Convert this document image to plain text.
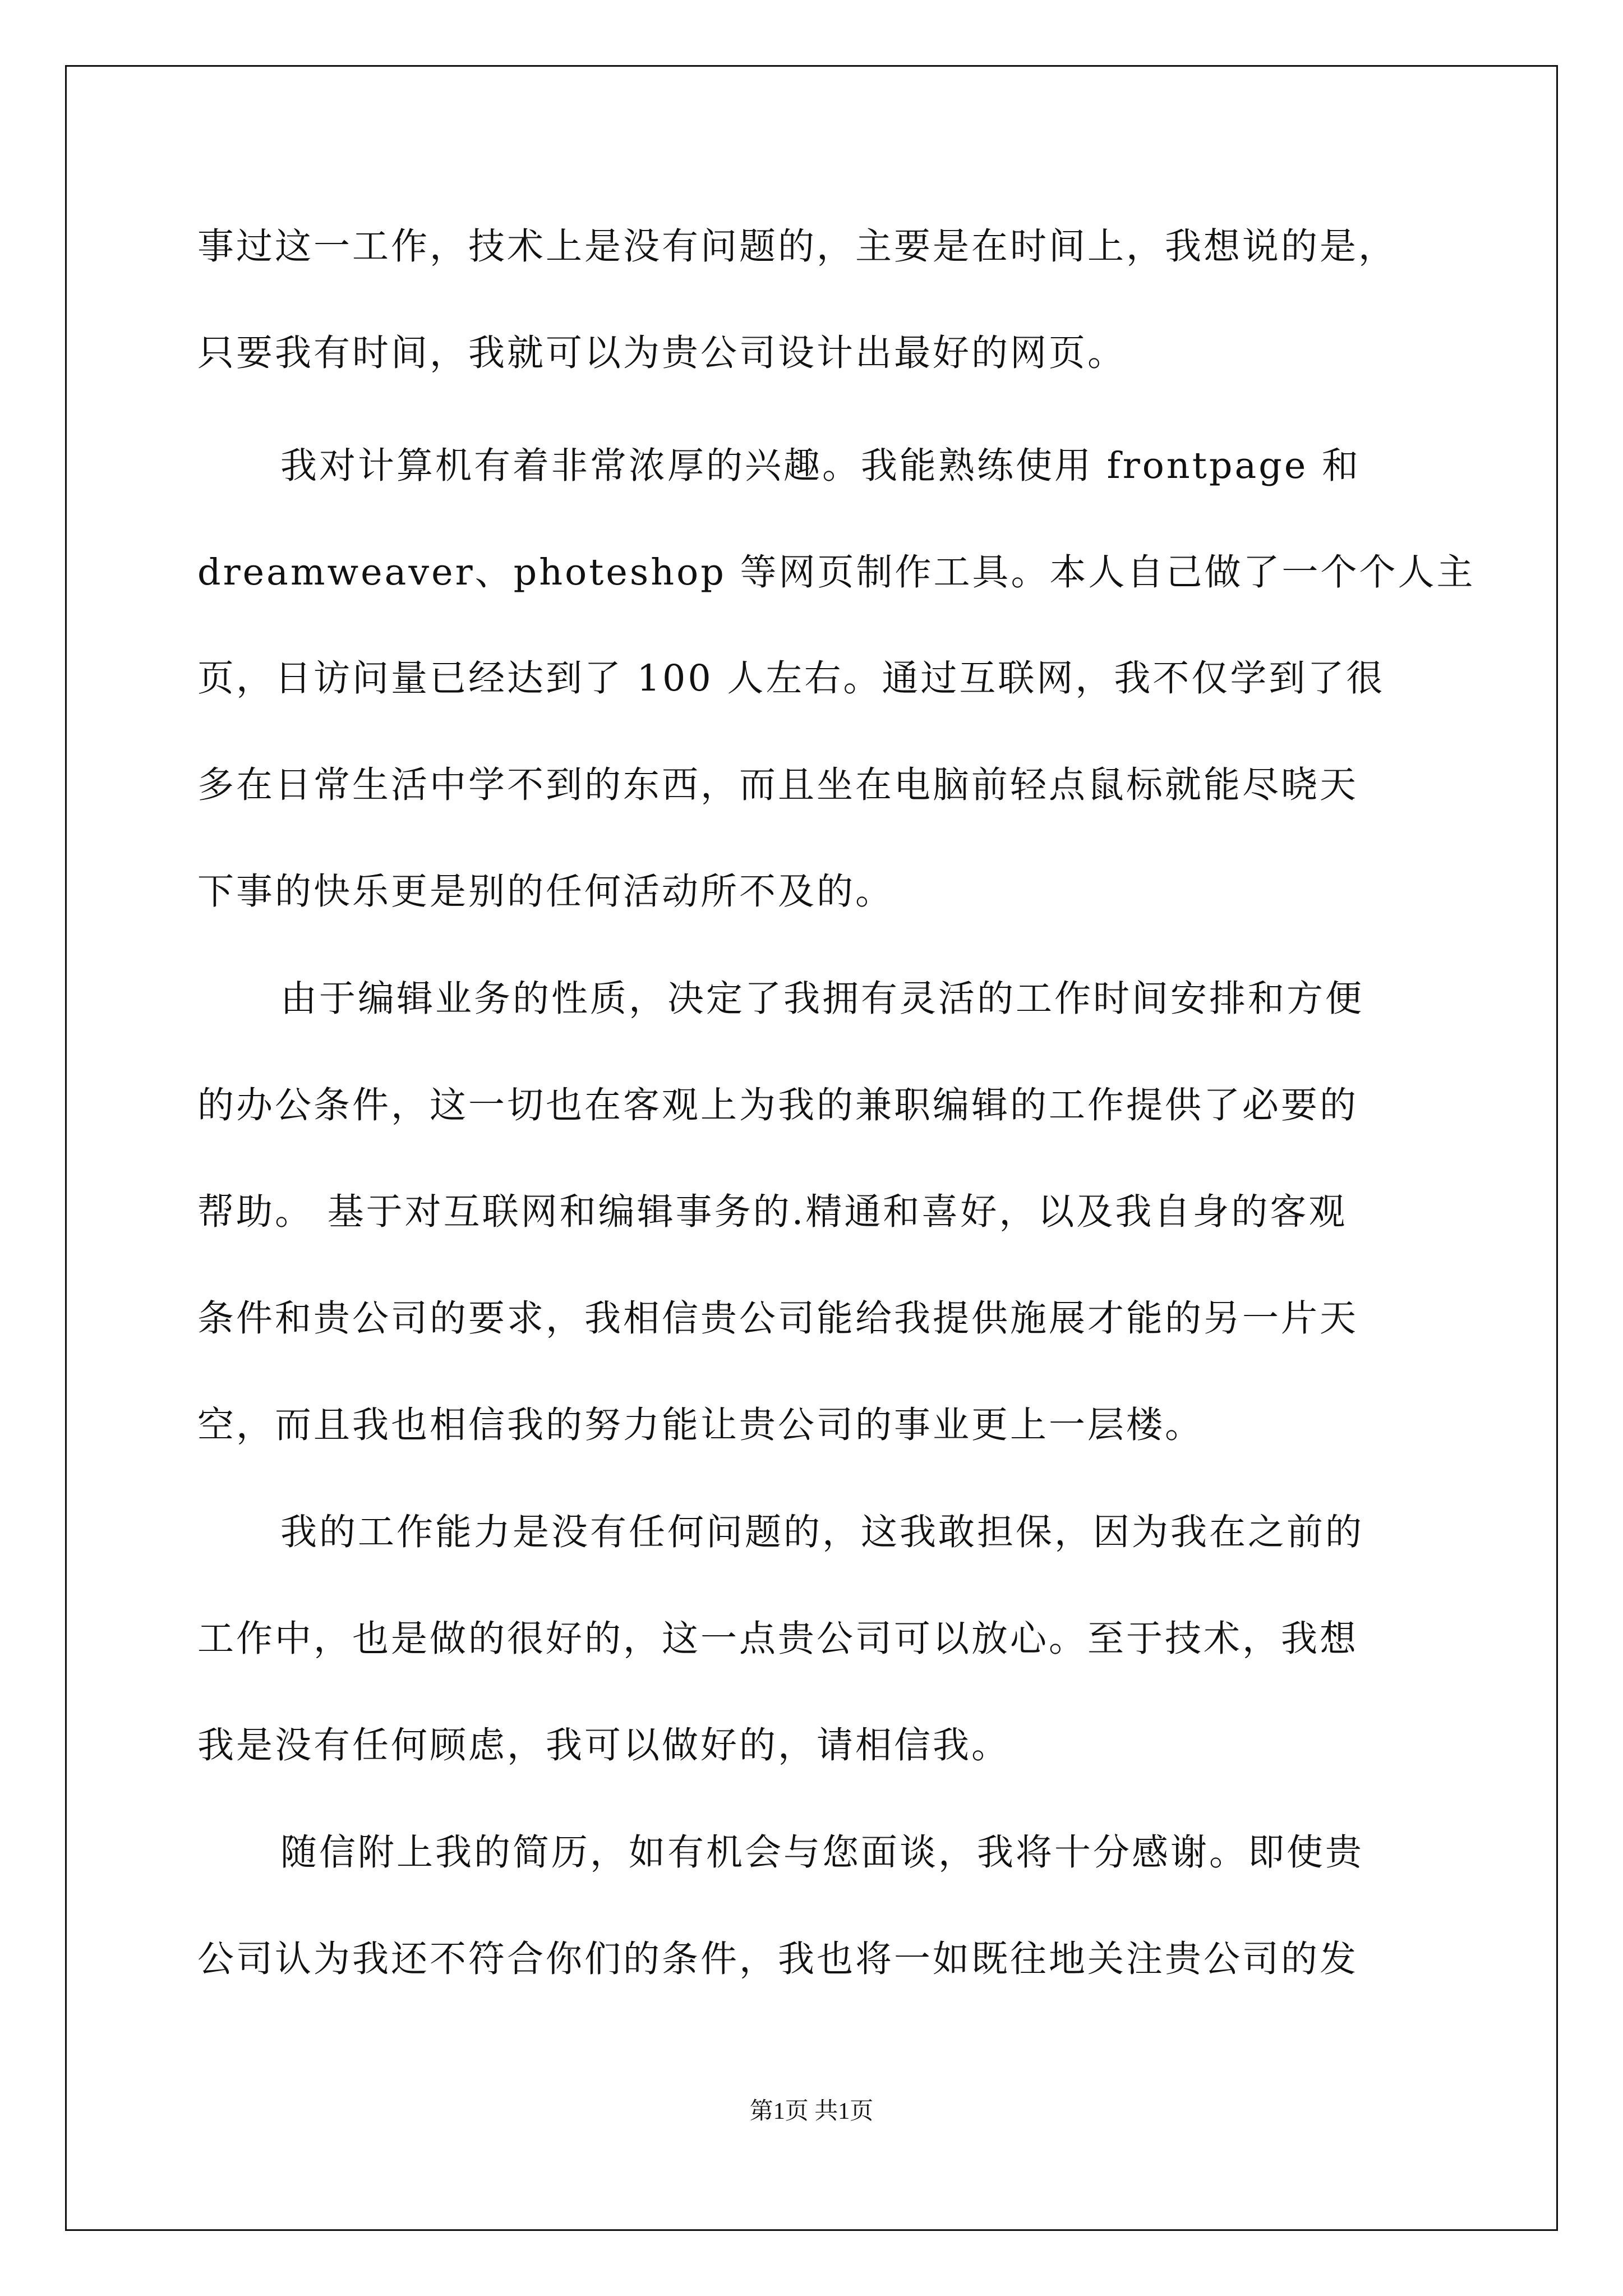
事过这一工作，技术上是没有问题的，主要是在时间上，我想说的是，
只要我有时间，我就可以为贵公司设计出最好的网页。
我对计算机有着非常浓厚的兴趣。我能熟练使用 frontpage 和
dreamweaver、photeshop 等网页制作工具。本人自己做了一个个人主
页，日访问量已经达到了 100 人左右。通过互联网，我不仅学到了很
多在日常生活中学不到的东西，而且坐在电脑前轻点鼠标就能尽晓天
下事的快乐更是别的任何活动所不及的。
由于编辑业务的性质，决定了我拥有灵活的工作时间安排和方便
的办公条件，这一切也在客观上为我的兼职编辑的工作提供了必要的
帮助。 基于对互联网和编辑事务的.精通和喜好，以及我自身的客观
条件和贵公司的要求，我相信贵公司能给我提供施展才能的另一片天
空，而且我也相信我的努力能让贵公司的事业更上一层楼。
我的工作能力是没有任何问题的，这我敢担保，因为我在之前的
工作中，也是做的很好的，这一点贵公司可以放心。至于技术，我想
我是没有任何顾虑，我可以做好的，请相信我。
随信附上我的简历，如有机会与您面谈，我将十分感谢。即使贵
公司认为我还不符合你们的条件，我也将一如既往地关注贵公司的发
第1页 共1页
